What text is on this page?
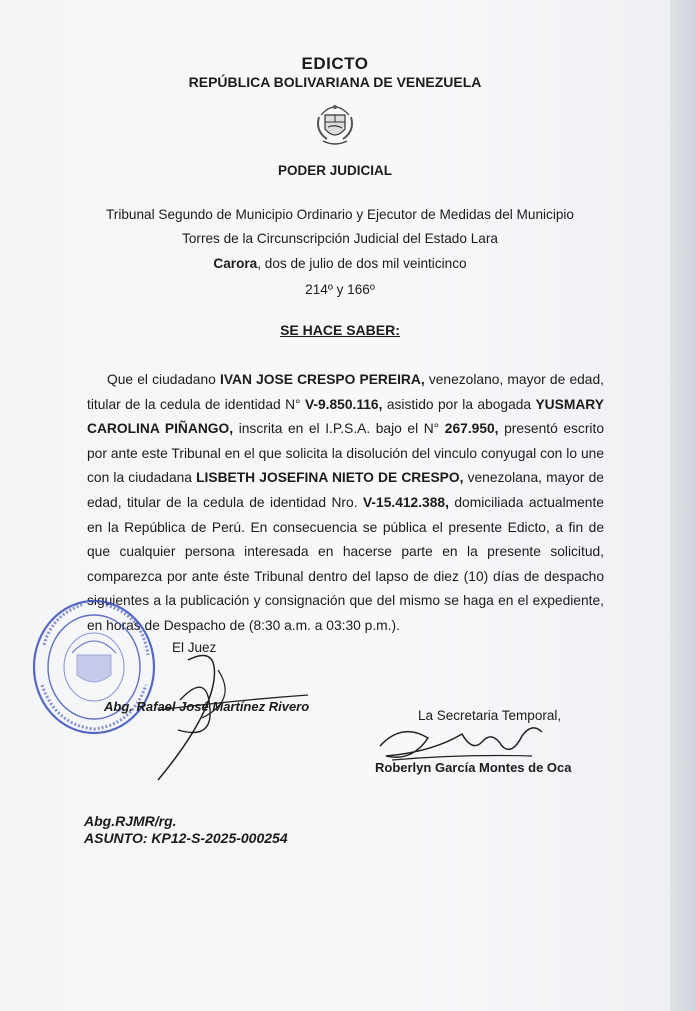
EDICTO
REPÚBLICA BOLIVARIANA DE VENEZUELA
PODER JUDICIAL
Tribunal Segundo de Municipio Ordinario y Ejecutor de Medidas del Municipio
Torres de la Circunscripción Judicial del Estado Lara
Carora, dos de julio de dos mil veinticinco
214º y 166º
SE HACE SABER:
Que el ciudadano IVAN JOSE CRESPO PEREIRA, venezolano, mayor de edad, titular de la cedula de identidad N° V-9.850.116, asistido por la abogada YUSMARY CAROLINA PIÑANGO, inscrita en el I.P.S.A. bajo el N° 267.950, presentó escrito por ante este Tribunal en el que solicita la disolución del vinculo conyugal con lo une con la ciudadana LISBETH JOSEFINA NIETO DE CRESPO, venezolana, mayor de edad, titular de la cedula de identidad Nro. V-15.412.388, domiciliada actualmente en la República de Perú. En consecuencia se pública el presente Edicto, a fin de que cualquier persona interesada en hacerse parte en la presente solicitud, comparezca por ante éste Tribunal dentro del lapso de diez (10) días de despacho siguientes a la publicación y consignación que del mismo se haga en el expediente, en horas de Despacho de (8:30 a.m. a 03:30 p.m.).
El Juez
Abg. Rafael José Martínez Rivero
La Secretaria Temporal,
Roberlyn García Montes de Oca
Abg.RJMR/rg.
ASUNTO: KP12-S-2025-000254
